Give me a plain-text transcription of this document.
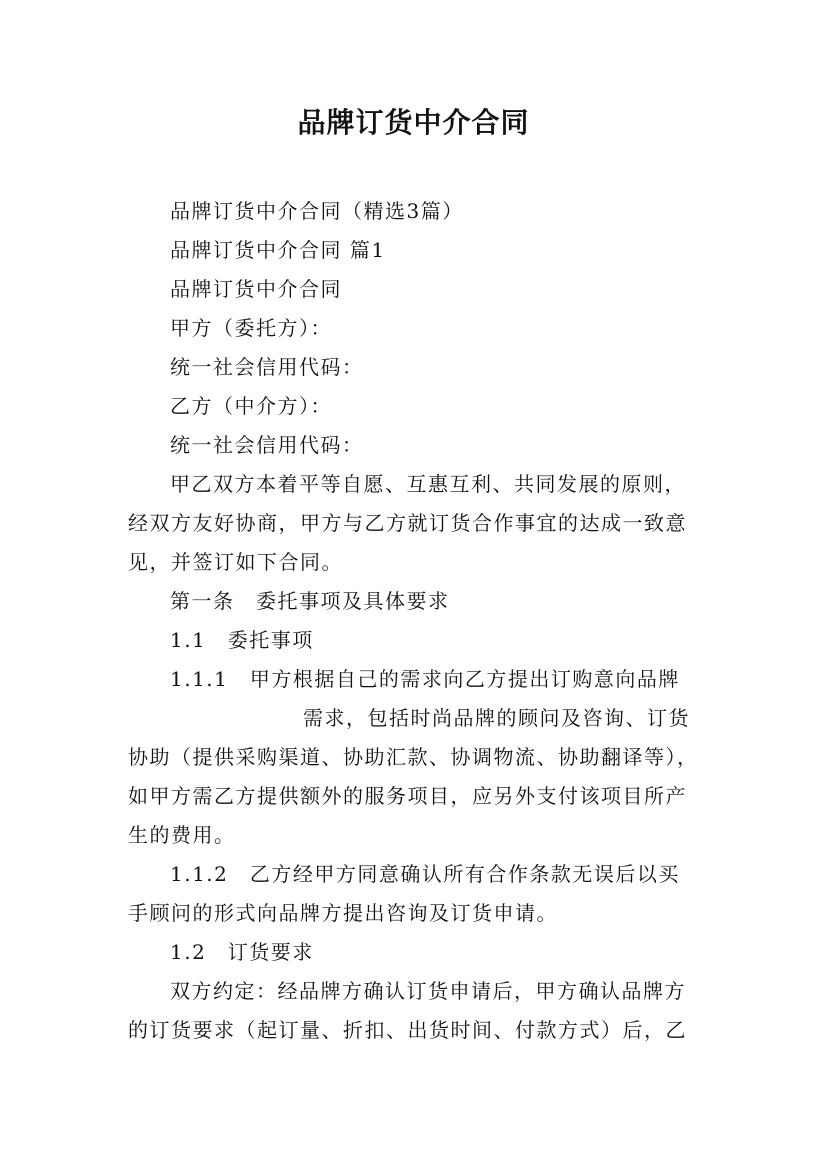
品牌订货中介合同
品牌订货中介合同（精选3篇）
品牌订货中介合同 篇1
品牌订货中介合同
甲方（委托方）：
统一社会信用代码：
乙方（中介方）：
统一社会信用代码：
甲乙双方本着平等自愿、互惠互利、共同发展的原则，
经双方友好协商，甲方与乙方就订货合作事宜的达成一致意
见，并签订如下合同。
第一条　委托事项及具体要求
1.1　委托事项
1.1.1　甲方根据自己的需求向乙方提出订购意向品牌
需求，包括时尚品牌的顾问及咨询、订货
协助（提供采购渠道、协助汇款、协调物流、协助翻译等），
如甲方需乙方提供额外的服务项目，应另外支付该项目所产
生的费用。
1.1.2　乙方经甲方同意确认所有合作条款无误后以买
手顾问的形式向品牌方提出咨询及订货申请。
1.2　订货要求
双方约定：经品牌方确认订货申请后，甲方确认品牌方
的订货要求（起订量、折扣、出货时间、付款方式）后，乙
